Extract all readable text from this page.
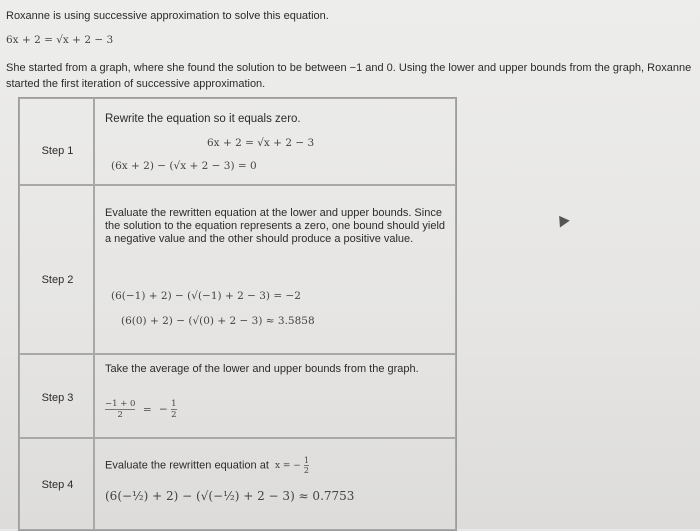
Roxanne is using successive approximation to solve this equation.
6x + 2 = √x + 2 − 3
She started from a graph, where she found the solution to be between −1 and 0. Using the lower and upper bounds from the graph, Roxanne
started the first iteration of successive approximation.
Step 1
Rewrite the equation so it equals zero.
6x + 2 = √x + 2 − 3
(6x + 2) − (√x + 2 − 3) = 0
Step 2
Evaluate the rewritten equation at the lower and upper bounds. Since the solution to the equation represents a zero, one bound should yield a negative value and the other should produce a positive value.
(6(−1) + 2) − (√(−1) + 2 − 3) = −2
(6(0) + 2) − (√(0) + 2 − 3) ≈ 3.5858
Step 3
Take the average of the lower and upper bounds from the graph.
$\frac{-1 + 0}{2}$ = − $\frac{1}{2}$
Step 4
Evaluate the rewritten equation at x = − $\frac{1}{2}$
(6(−½) + 2) − (√(−½) + 2 − 3) ≈ 0.7753
